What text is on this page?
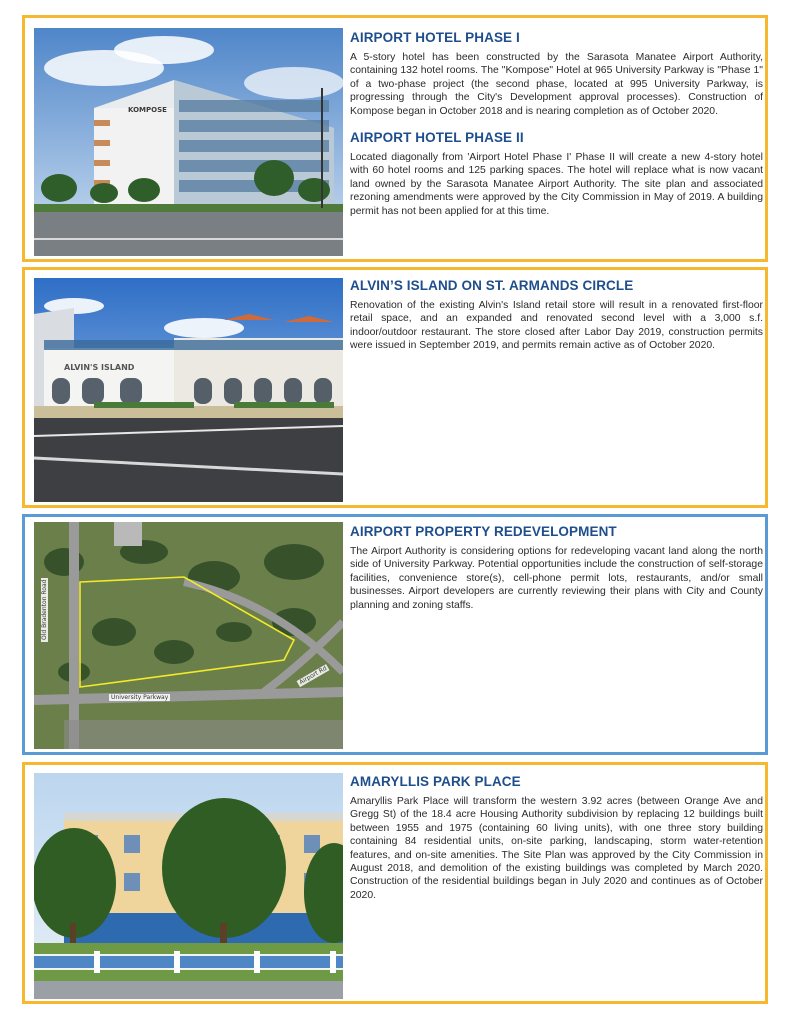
KOMPOSE
AIRPORT HOTEL PHASE I

A 5-story hotel has been constructed by the Sarasota Manatee Airport Authority, containing 132 hotel rooms. The "Kompose" Hotel at 965 University Parkway is "Phase 1" of a two-phase project (the second phase, located at 995 University Parkway, is progressing through the City's Development approval processes). Construction of Kompose began in October 2018 and is nearing completion as of October 2020.

AIRPORT HOTEL PHASE II

Located diagonally from 'Airport Hotel Phase I' Phase II will create a new 4-story hotel with 60 hotel rooms and 125 parking spaces. The hotel will replace what is now vacant land owned by the Sarasota Manatee Airport Authority. The site plan and associated rezoning amendments were approved by the City Commission in May of 2019. A building permit has not been applied for at this time.

ALVIN'S ISLAND
ALVIN’S ISLAND ON ST. ARMANDS CIRCLE

Renovation of the existing Alvin's Island retail store will result in a renovated first-floor retail space, and an expanded and renovated second level with a 3,000 s.f. indoor/outdoor restaurant. The store closed after Labor Day 2019, construction permits were issued in September 2019, and permits remain active as of October 2020.

Old Bradenton Road
University Parkway
Airport Rd
AIRPORT PROPERTY REDEVELOPMENT

The Airport Authority is considering options for redeveloping vacant land along the north side of University Parkway. Potential opportunities include the construction of self-storage facilities, convenience store(s), cell-phone permit lots, restaurants, and/or small businesses. Airport developers are currently reviewing their plans with City and County planning and zoning staffs.

AMARYLLIS PARK PLACE

Amaryllis Park Place will transform the western 3.92 acres (between Orange Ave and Gregg St) of the 18.4 acre Housing Authority subdivision by replacing 12 buildings built between 1955 and 1975 (containing 60 living units), with one three story building containing 84 residential units, on-site parking, landscaping, storm water-retention features, and on-site amenities. The Site Plan was approved by the City Commission in August 2018, and demolition of the existing buildings was completed by March 2020. Construction of the residential buildings began in July 2020 and continues as of October 2020.
